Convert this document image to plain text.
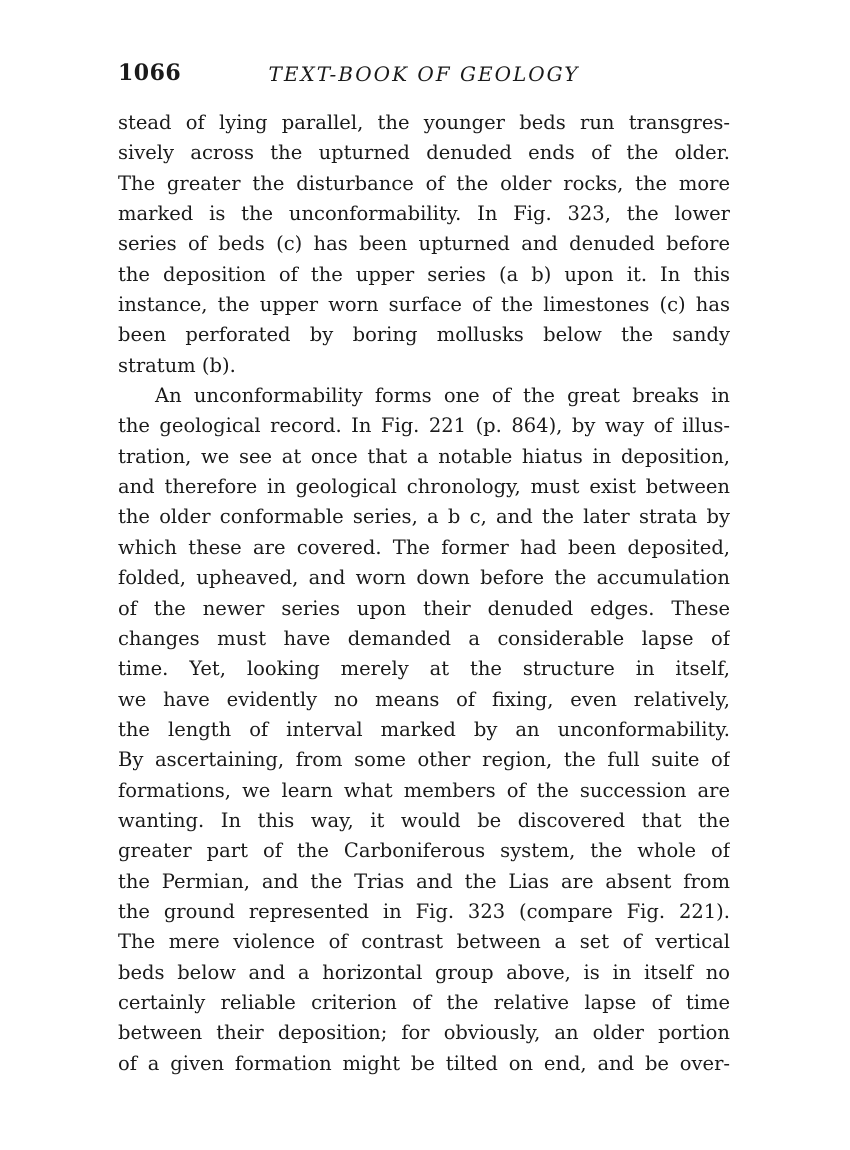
1066	TEXT-BOOK OF GEOLOGY
stead of lying parallel, the younger beds run transgres-
sively across the upturned denuded ends of the older.
The greater the disturbance of the older rocks, the more
marked is the unconformability. In Fig. 323, the lower
series of beds (c) has been upturned and denuded before
the deposition of the upper series (a b) upon it. In this
instance, the upper worn surface of the limestones (c) has
been perforated by boring mollusks below the sandy
stratum (b).
An unconformability forms one of the great breaks in
the geological record. In Fig. 221 (p. 864), by way of illus-
tration, we see at once that a notable hiatus in deposition,
and therefore in geological chronology, must exist between
the older conformable series, a b c, and the later strata by
which these are covered. The former had been deposited,
folded, upheaved, and worn down before the accumulation
of the newer series upon their denuded edges. These
changes must have demanded a considerable lapse of
time. Yet, looking merely at the structure in itself,
we have evidently no means of fixing, even relatively,
the length of interval marked by an unconformability.
By ascertaining, from some other region, the full suite of
formations, we learn what members of the succession are
wanting. In this way, it would be discovered that the
greater part of the Carboniferous system, the whole of
the Permian, and the Trias and the Lias are absent from
the ground represented in Fig. 323 (compare Fig. 221).
The mere violence of contrast between a set of vertical
beds below and a horizontal group above, is in itself no
certainly reliable criterion of the relative lapse of time
between their deposition; for obviously, an older portion
of a given formation might be tilted on end, and be over-
